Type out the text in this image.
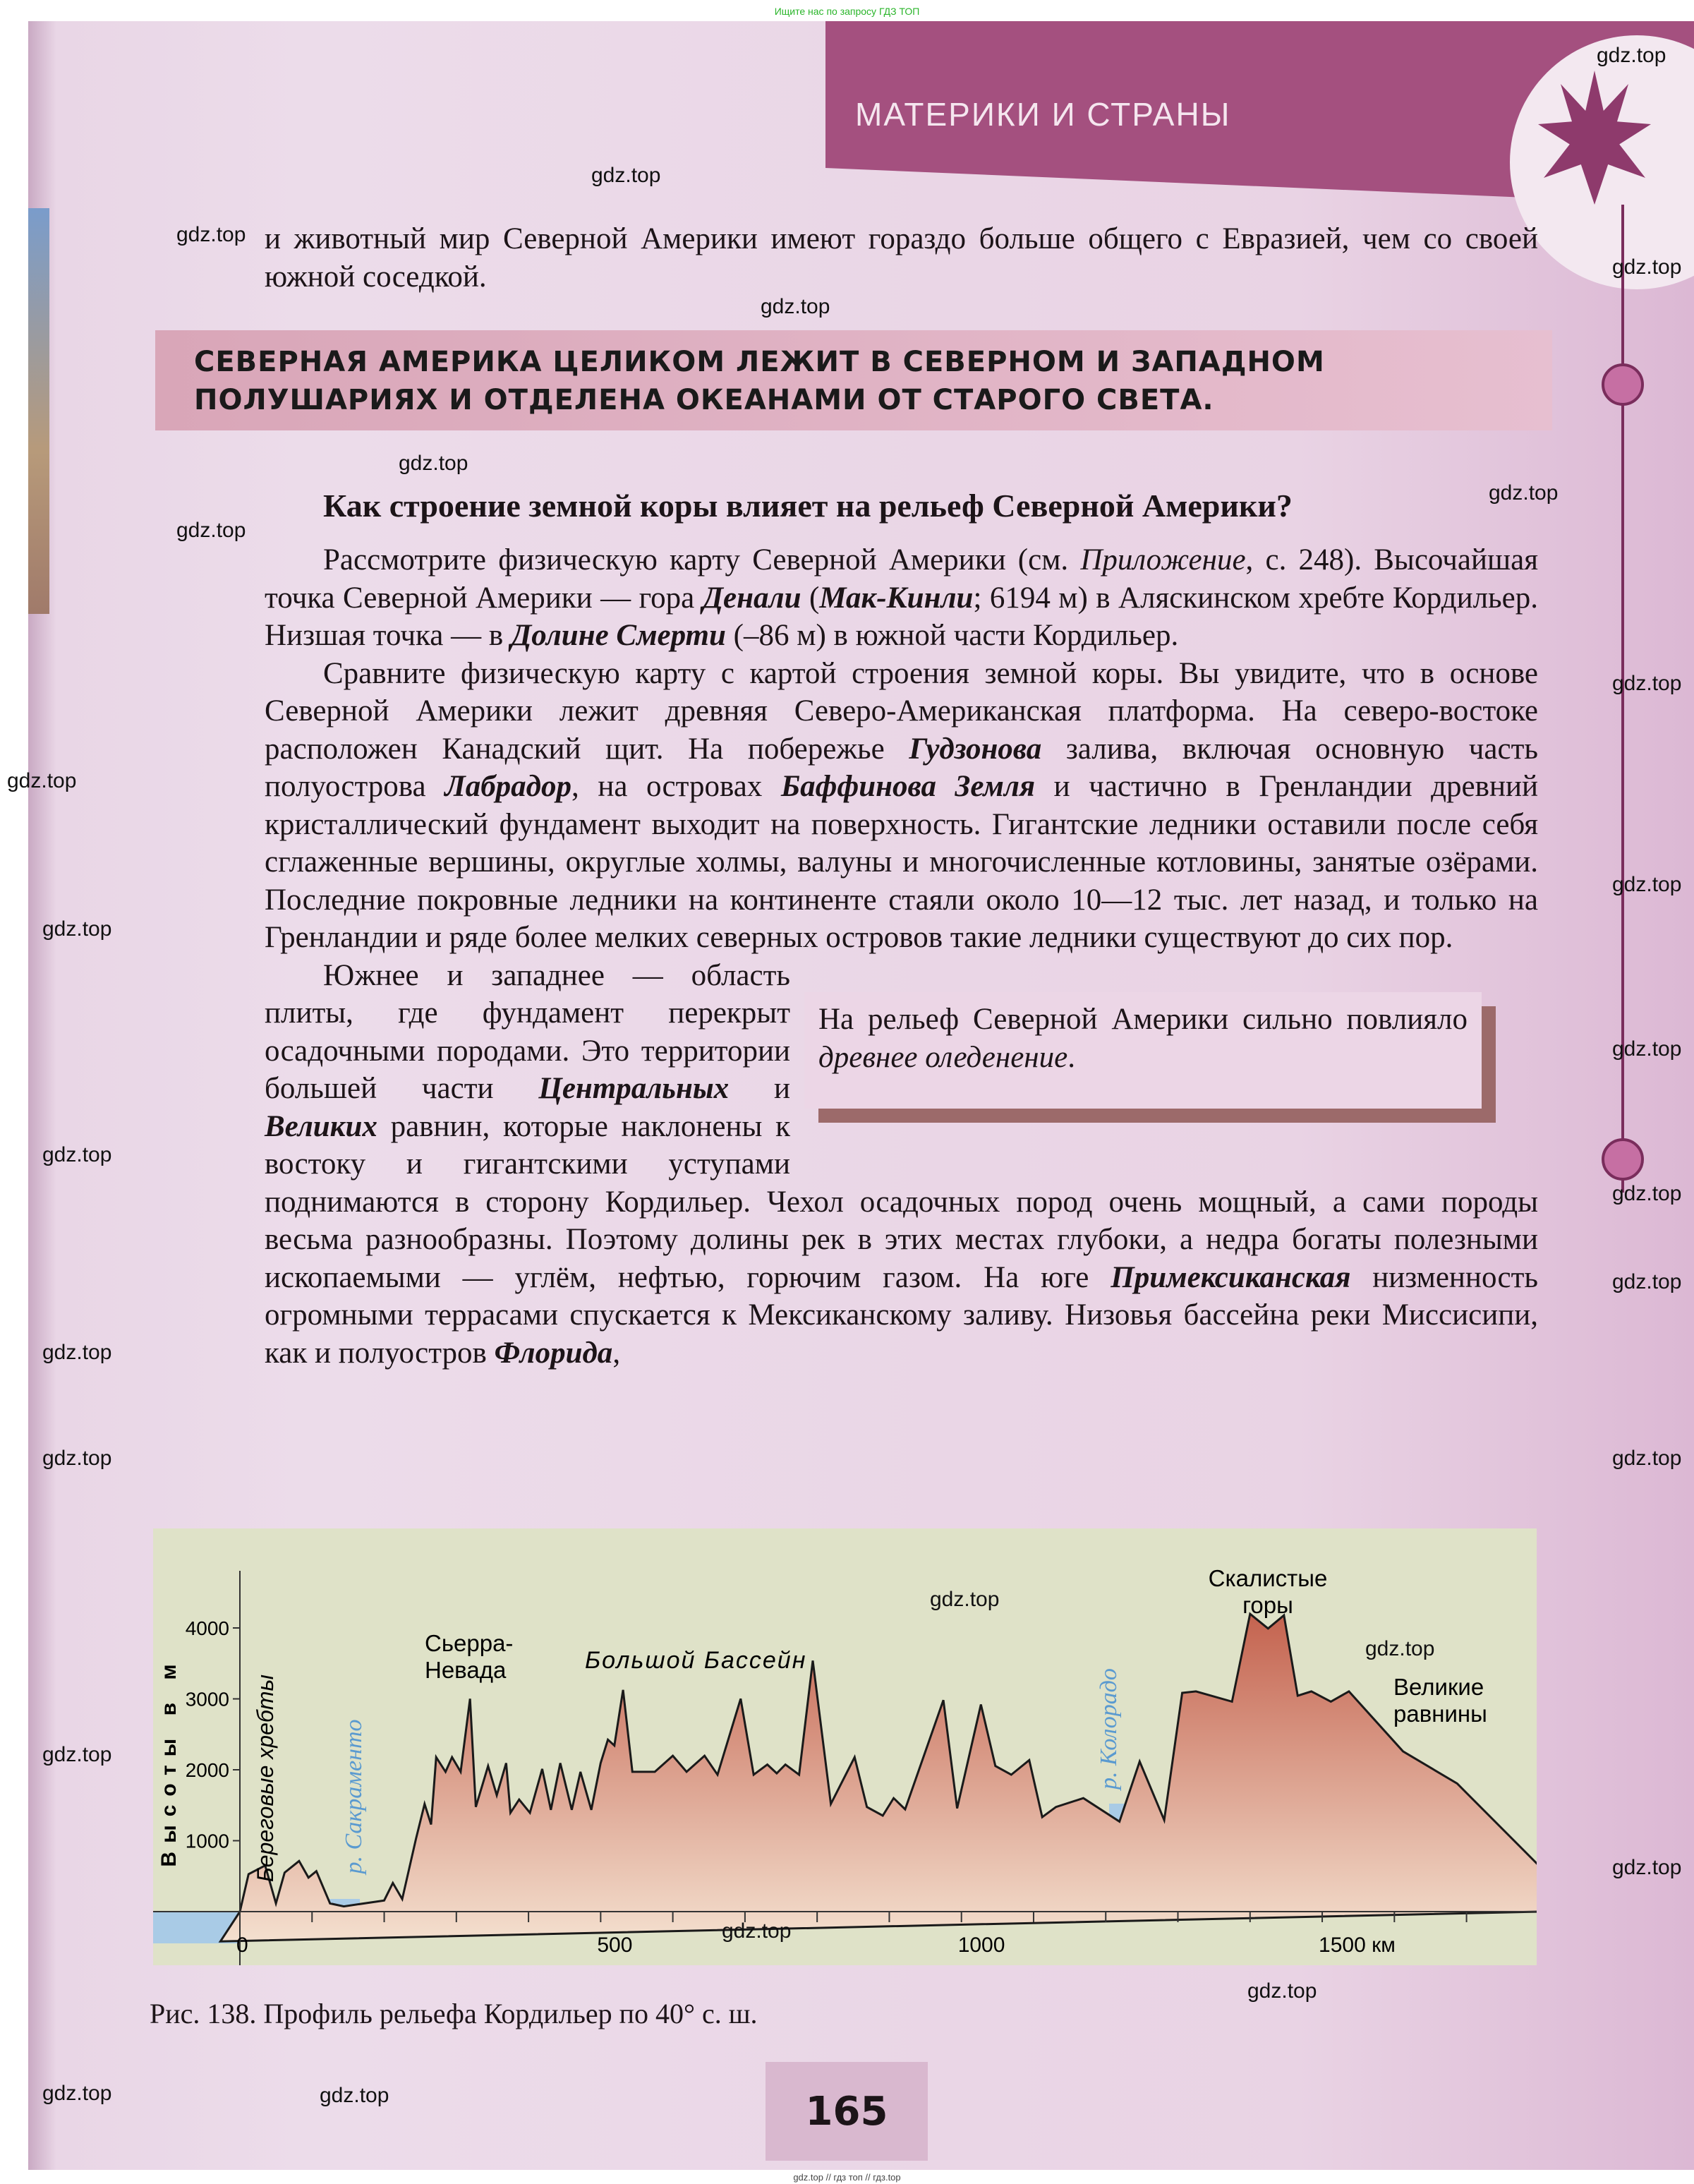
Ищите нас по запросу ГДЗ ТОП
МАТЕРИКИ И СТРАНЫ
и животный мир Северной Америки имеют гораздо больше общего с Евразией, чем со своей южной соседкой.
СЕВЕРНАЯ АМЕРИКА ЦЕЛИКОМ ЛЕЖИТ В СЕВЕРНОМ И ЗАПАДНОМ ПОЛУШАРИЯХ И ОТДЕЛЕНА ОКЕАНАМИ ОТ СТАРОГО СВЕТА.
Как строение земной коры влияет на рельеф Северной Америки?

Рассмотрите физическую карту Северной Америки (см. Приложение, с. 248). Высочайшая точка Северной Америки — гора Денали (Мак-Кинли; 6194 м) в Аляскинском хребте Кордильер. Низшая точка — в Долине Смерти (–86 м) в южной части Кордильер.

Сравните физическую карту с картой строения земной коры. Вы увидите, что в основе Северной Америки лежит древняя Северо-Американская платформа. На северо-востоке расположен Канадский щит. На побережье Гудзонова залива, включая основную часть полуострова Лабрадор, на островах Баффинова Земля и частично в Гренландии древний кристаллический фундамент выходит на поверхность. Гигантские ледники оставили после себя сглаженные вершины, округлые холмы, валуны и многочисленные котловины, занятые озёрами. Последние покровные ледники на континенте стаяли около 10—12 тыс. лет назад, и только на Гренландии и ряде более мелких северных островов такие ледники существуют до сих пор.

На рельеф Северной Америки сильно повлияло древнее оледенение.

Южнее и западнее — область плиты, где фундамент перекрыт осадочными породами. Это территории большей части Центральных и Великих равнин, которые наклонены к востоку и гигантскими уступами поднимаются в сторону Кордильер. Чехол осадочных пород очень мощный, а сами породы весьма разнообразны. Поэтому долины рек в этих местах глубоки, а недра богаты полезными ископаемыми — углём, нефтью, горючим газом. На юге Примексиканская низменность огромными террасами спускается к Мексиканскому заливу. Низовья бассейна реки Миссисипи, как и полуостров Флорида,

0	500	1000	1500 км
1000
2000
3000
4000
Высоты в м	Береговые хребты	р. Сакраменто	р. Колорадо
Сьерра-Невада	Большой Бассейн
Скалистые горы
Великие равнины
Рис. 138. Профиль рельефа Кордильер по 40° с. ш.
165
gdz.top // гдз топ // гдз.top
gdz.top
gdz.top
gdz.top
gdz.top
gdz.top
gdz.top
gdz.top
gdz.top
gdz.top
gdz.top
gdz.top
gdz.top
gdz.top
gdz.top
gdz.top
gdz.top
gdz.top
gdz.top
gdz.top
gdz.top
gdz.top
gdz.top
gdz.top
gdz.top
gdz.top
gdz.top	gdz.top
